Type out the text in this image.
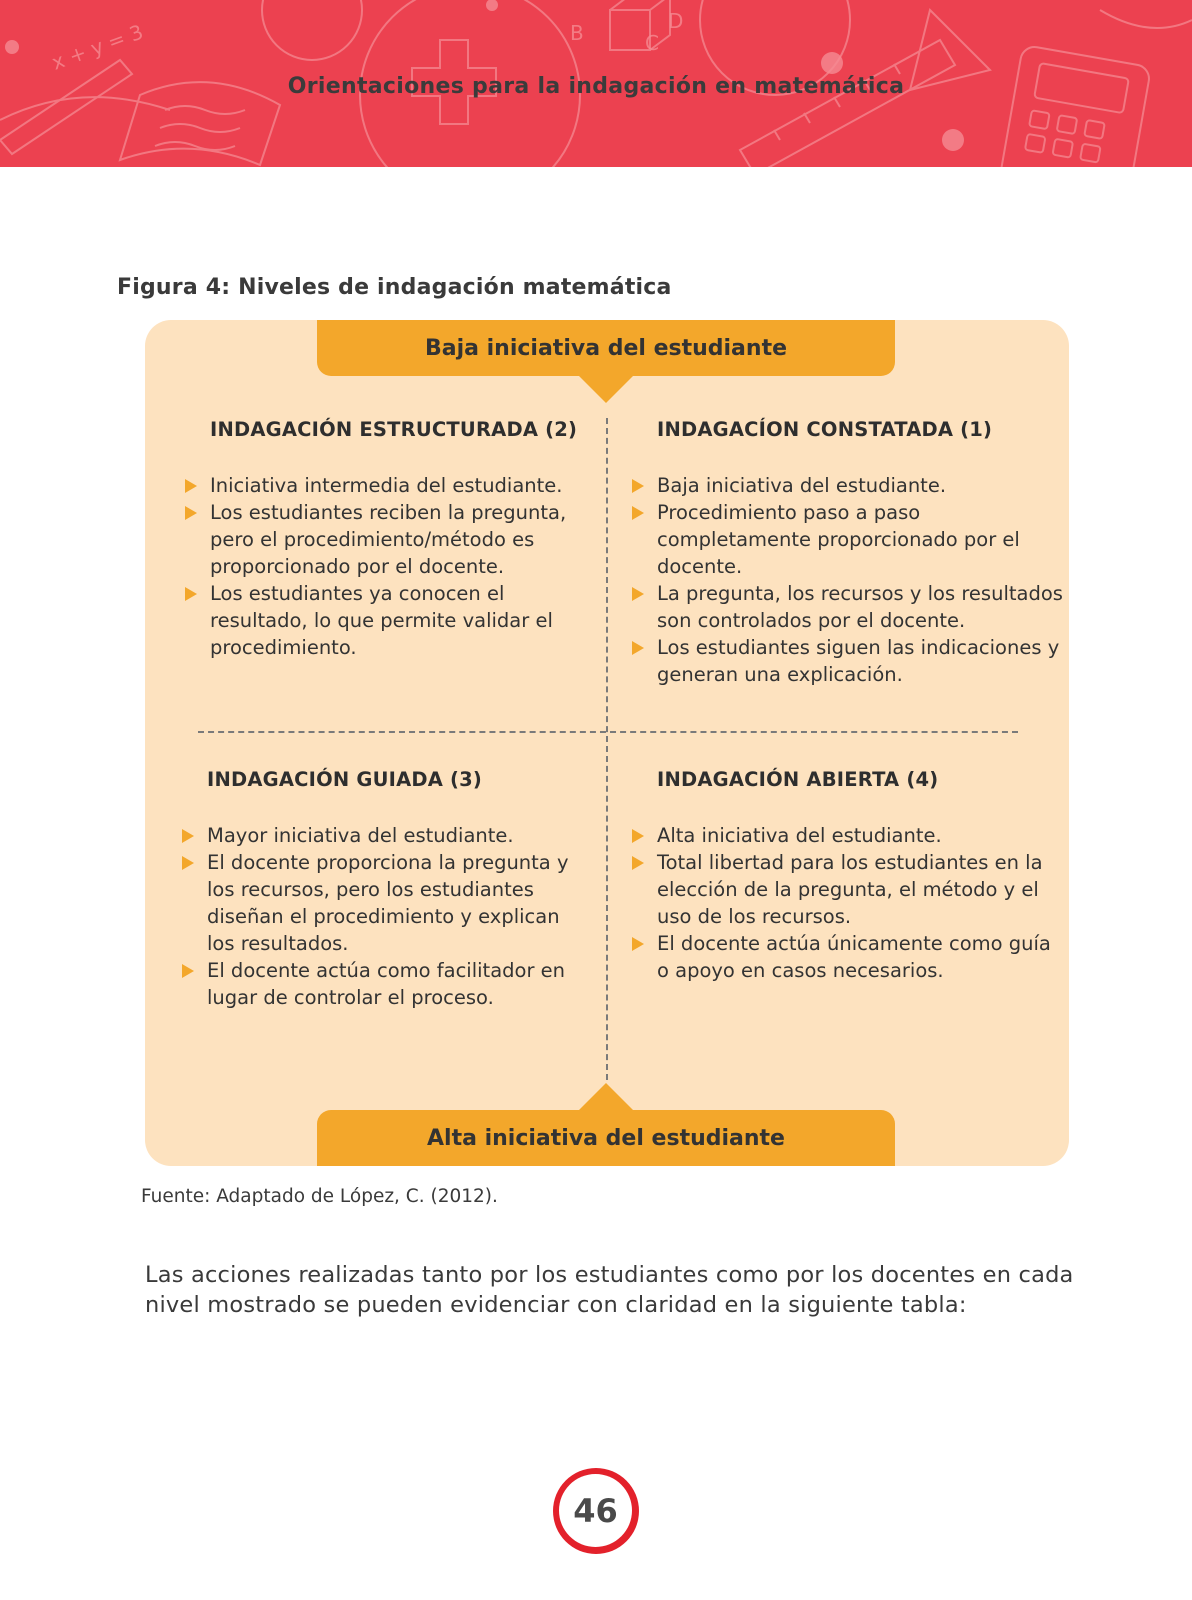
x + y = 3	B	C
D
Orientaciones para la indagación en matemática
Figura 4: Niveles de indagación matemática
Baja iniciativa del estudiante
INDAGACIÓN ESTRUCTURADA (2)
Iniciativa intermedia del estudiante.
Los estudiantes reciben la pregunta, pero el procedimiento/método es proporcionado por el docente.
Los estudiantes ya conocen el resultado, lo que permite validar el procedimiento.
INDAGACÍON CONSTATADA (1)
Baja iniciativa del estudiante.
Procedimiento paso a paso completamente proporcionado por el docente.
La pregunta, los recursos y los resultados son controlados por el docente.
Los estudiantes siguen las indicaciones y generan una explicación.
INDAGACIÓN GUIADA (3)
Mayor iniciativa del estudiante.
El docente proporciona la pregunta y los recursos, pero los estudiantes diseñan el procedimiento y explican los resultados.
El docente actúa como facilitador en lugar de controlar el proceso.
INDAGACIÓN ABIERTA (4)
Alta iniciativa del estudiante.
Total libertad para los estudiantes en la elección de la pregunta, el método y el uso de los recursos.
El docente actúa únicamente como guía o apoyo en casos necesarios.
Alta iniciativa del estudiante
Fuente: Adaptado de López, C. (2012).
Las acciones realizadas tanto por los estudiantes como por los docentes en cada nivel mostrado se pueden evidenciar con claridad en la siguiente tabla:
46
